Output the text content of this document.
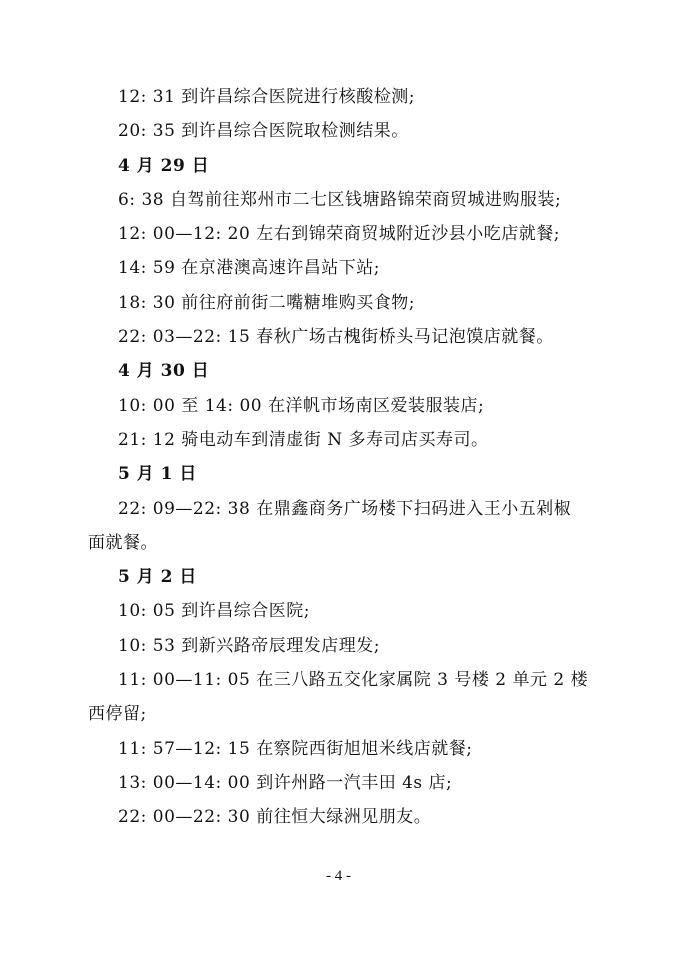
12: 31 到许昌综合医院进行核酸检测;
20: 35 到许昌综合医院取检测结果。
4 月 29 日
6: 38 自驾前往郑州市二七区钱塘路锦荣商贸城进购服装;
12: 00—12: 20 左右到锦荣商贸城附近沙县小吃店就餐;
14: 59 在京港澳高速许昌站下站;
18: 30 前往府前街二嘴糖堆购买食物;
22: 03—22: 15 春秋广场古槐街桥头马记泡馍店就餐。
4 月 30 日
10: 00 至 14: 00 在洋帆市场南区爱装服装店;
21: 12 骑电动车到清虚街 N 多寿司店买寿司。
5 月 1 日
22: 09—22: 38 在鼎鑫商务广场楼下扫码进入王小五剁椒
面就餐。
5 月 2 日
10: 05 到许昌综合医院;
10: 53 到新兴路帝辰理发店理发;
11: 00—11: 05 在三八路五交化家属院 3 号楼 2 单元 2 楼
西停留;
11: 57—12: 15 在察院西街旭旭米线店就餐;
13: 00—14: 00 到许州路一汽丰田 4s 店;
22: 00—22: 30 前往恒大绿洲见朋友。
- 4 -
